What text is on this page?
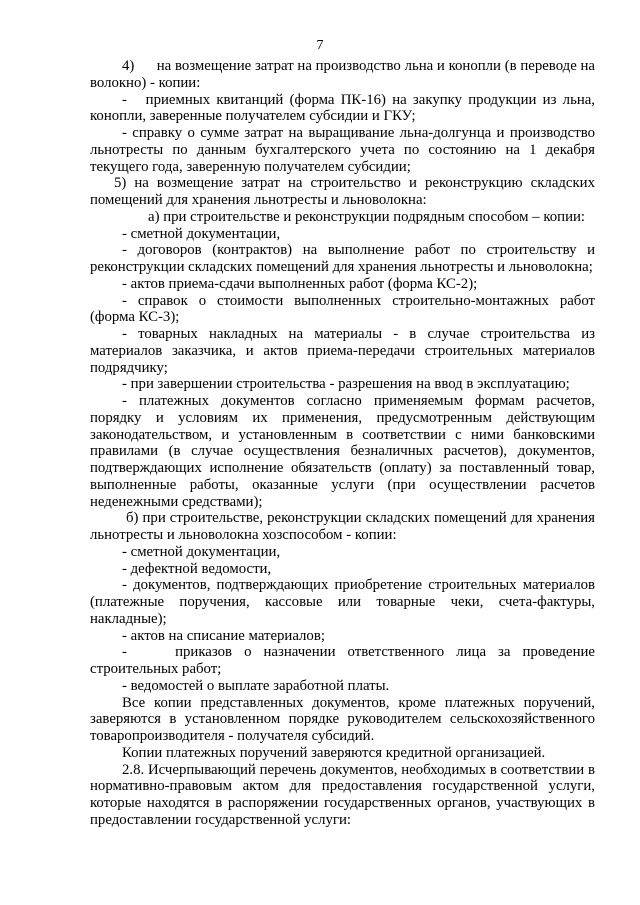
7

4)      на возмещение затрат на производство льна и конопли (в переводе на волокно) - копии:

-   приемных квитанций (форма ПК-16) на закупку продукции из льна, конопли, заверенные получателем субсидии и ГКУ;

- справку о сумме затрат на выращивание льна-долгунца и производство льнотресты по данным бухгалтерского учета по состоянию на 1 декабря текущего года, заверенную получателем субсидии;

5) на возмещение затрат на строительство и реконструкцию складских помещений для хранения льнотресты и льноволокна:

а) при строительстве и реконструкции подрядным способом – копии:

- сметной документации,

- договоров (контрактов) на выполнение работ по строительству и реконструкции складских помещений для хранения льнотресты и льноволокна;

- актов приема-сдачи выполненных работ (форма КС-2);

- справок о стоимости выполненных строительно-монтажных работ (форма КС-3);

- товарных накладных на материалы - в случае строительства из материалов заказчика, и актов приема-передачи строительных материалов подрядчику;

- при завершении строительства - разрешения на ввод в эксплуатацию;

- платежных документов согласно применяемым формам расчетов, порядку и условиям их применения, предусмотренным действующим законодательством, и установленным в соответствии с ними банковскими правилами (в случае осуществления безналичных расчетов), документов, подтверждающих исполнение обязательств (оплату) за поставленный товар, выполненные работы, оказанные услуги (при осуществлении расчетов неденежными средствами);

б) при строительстве, реконструкции складских помещений для хранения льнотресты и льноволокна хозспособом - копии:

- сметной документации,

- дефектной ведомости,

- документов, подтверждающих приобретение строительных материалов (платежные поручения, кассовые или товарные чеки, счета-фактуры, накладные);

- актов на списание материалов;

-    приказов о назначении ответственного лица за проведение строительных работ;

- ведомостей о выплате заработной платы.

Все копии представленных документов, кроме платежных поручений, заверяются в установленном порядке руководителем сельскохозяйственного товаропроизводителя - получателя субсидий.

Копии платежных поручений заверяются кредитной организацией.

2.8. Исчерпывающий перечень документов, необходимых в соответствии в нормативно-правовым актом для предоставления государственной услуги, которые находятся в распоряжении государственных органов, участвующих в предоставлении государственной услуги:
